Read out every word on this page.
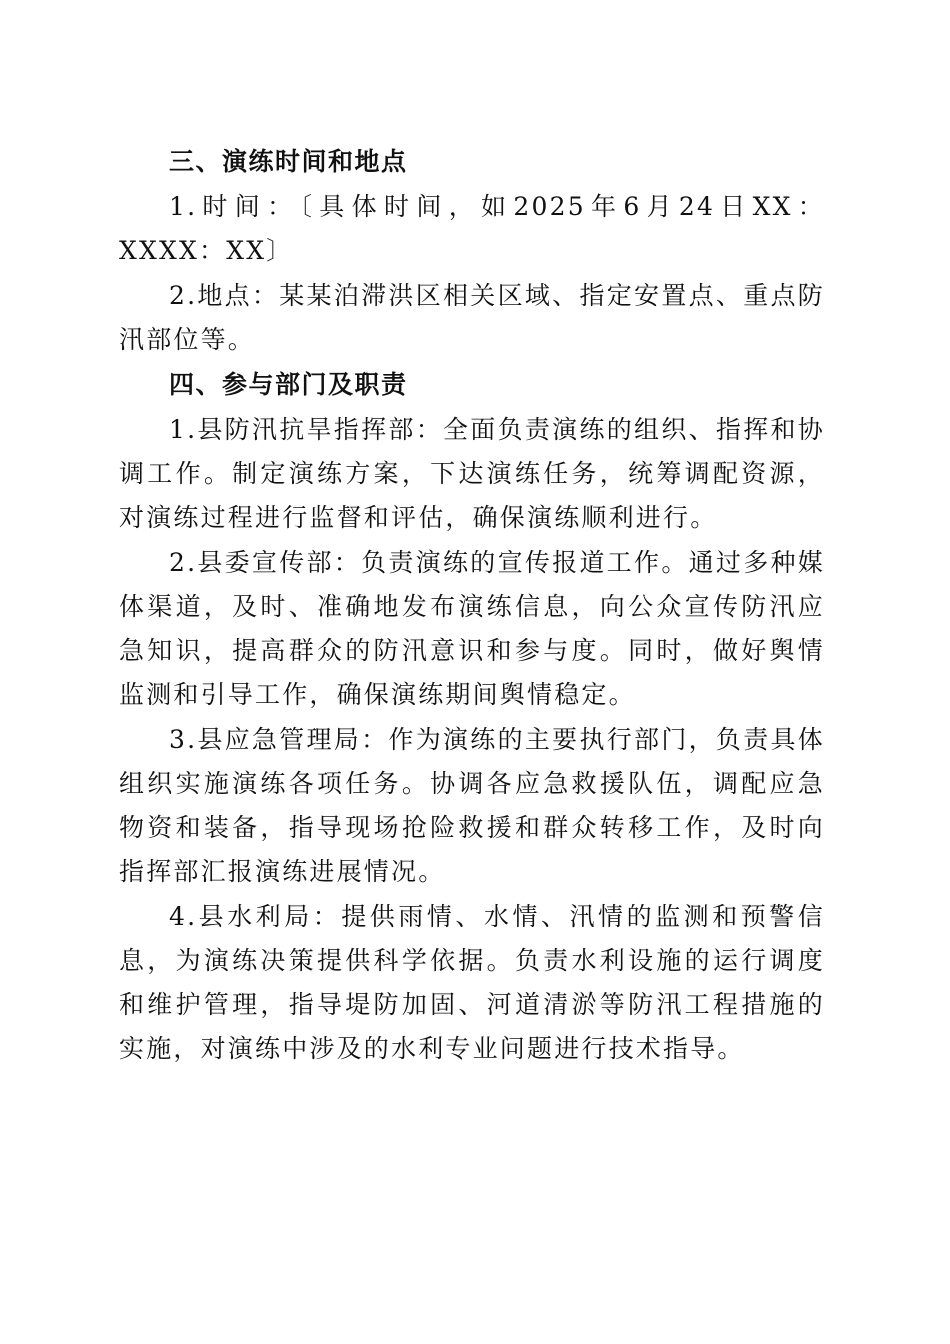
三、演练时间和地点
1.时间：〔具体时间，如2025年6月24日XX：XXXX：XX〕
2.地点：某某泊滞洪区相关区域、指定安置点、重点防汛部位等。
四、参与部门及职责
1.县防汛抗旱指挥部：全面负责演练的组织、指挥和协调工作。制定演练方案，下达演练任务，统筹调配资源，对演练过程进行监督和评估，确保演练顺利进行。
2.县委宣传部：负责演练的宣传报道工作。通过多种媒体渠道，及时、准确地发布演练信息，向公众宣传防汛应急知识，提高群众的防汛意识和参与度。同时，做好舆情监测和引导工作，确保演练期间舆情稳定。
3.县应急管理局：作为演练的主要执行部门，负责具体组织实施演练各项任务。协调各应急救援队伍，调配应急物资和装备，指导现场抢险救援和群众转移工作，及时向指挥部汇报演练进展情况。
4.县水利局：提供雨情、水情、汛情的监测和预警信息，为演练决策提供科学依据。负责水利设施的运行调度和维护管理，指导堤防加固、河道清淤等防汛工程措施的实施，对演练中涉及的水利专业问题进行技术指导。
